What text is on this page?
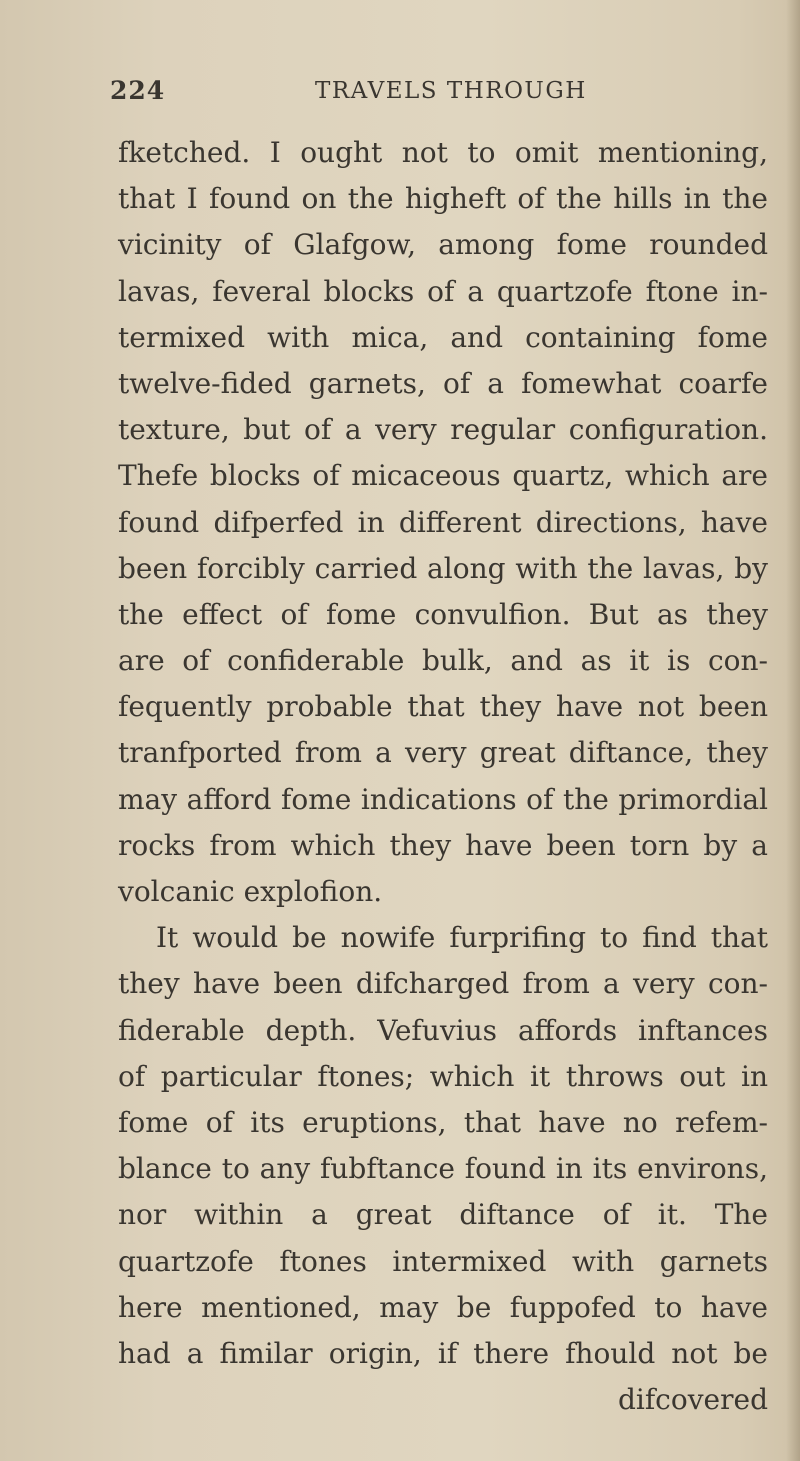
224	TRAVELS THROUGH
fketched. I ought not to omit mentioning,
that I found on the higheft of the hills in the
vicinity of Glafgow, among fome rounded
lavas, feveral blocks of a quartzofe ftone in-
termixed with mica, and containing fome
twelve-fided garnets, of a fomewhat coarfe
texture, but of a very regular configuration.
Thefe blocks of micaceous quartz, which are
found difperfed in different directions, have
been forcibly carried along with the lavas, by
the effect of fome convulfion. But as they
are of confiderable bulk, and as it is con-
fequently probable that they have not been
tranfported from a very great diftance, they
may afford fome indications of the primordial
rocks from which they have been torn by a
volcanic explofion.
It would be nowife furprifing to find that
they have been difcharged from a very con-
fiderable depth. Vefuvius affords inftances
of particular ftones; which it throws out in
fome of its eruptions, that have no refem-
blance to any fubftance found in its environs,
nor within a great diftance of it. The
quartzofe ftones intermixed with garnets
here mentioned, may be fuppofed to have
had a fimilar origin, if there fhould not be
difcovered
